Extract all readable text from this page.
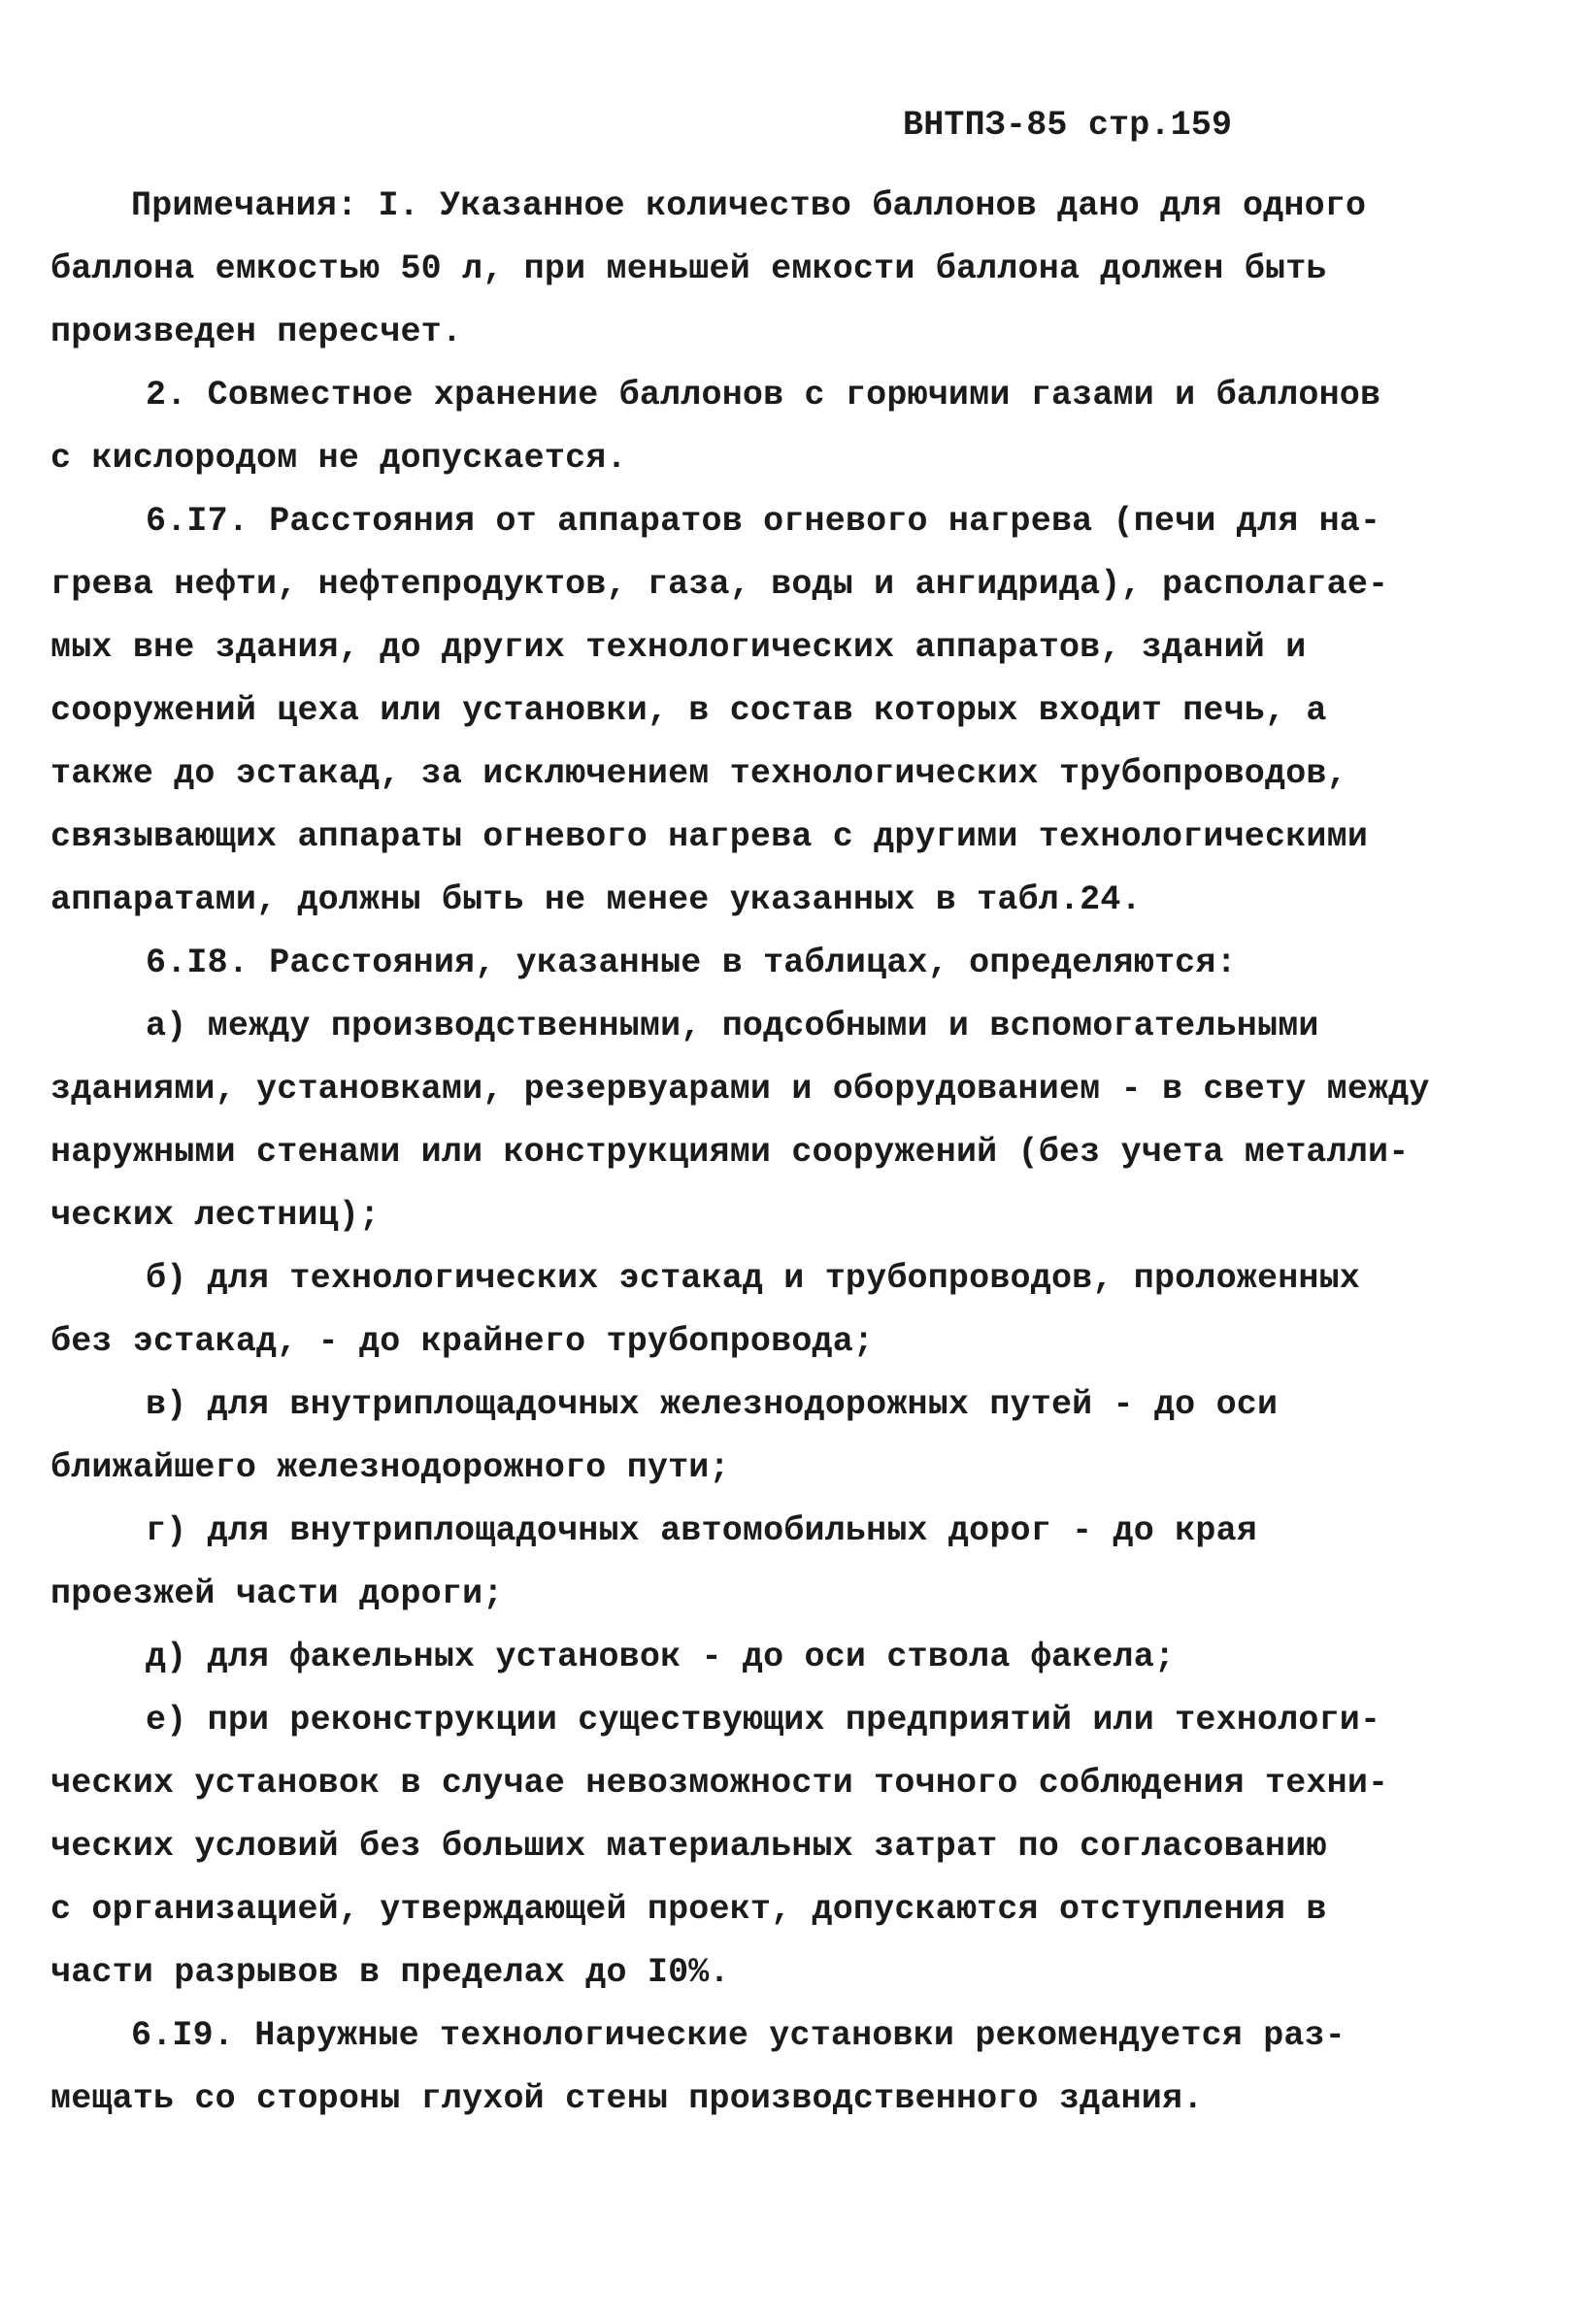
ВНТПЗ-85 стр.159
Примечания: I. Указанное количество баллонов дано для одного
баллона емкостью 50 л, при меньшей емкости баллона должен быть
произведен пересчет.
2. Совместное хранение баллонов с горючими газами и баллонов
с кислородом не допускается.
6.I7. Расстояния от аппаратов огневого нагрева (печи для на-
грева нефти, нефтепродуктов, газа, воды и ангидрида), располагае-
мых вне здания, до других технологических аппаратов, зданий и
сооружений цеха или установки, в состав которых входит печь, а
также до эстакад, за исключением технологических трубопроводов,
связывающих аппараты огневого нагрева с другими технологическими
аппаратами, должны быть не менее указанных в табл.24.
6.I8. Расстояния, указанные в таблицах, определяются:
а) между производственными, подсобными и вспомогательными
зданиями, установками, резервуарами и оборудованием - в свету между
наружными стенами или конструкциями сооружений (без учета металли-
ческих лестниц);
б) для технологических эстакад и трубопроводов, проложенных
без эстакад, - до крайнего трубопровода;
в) для внутриплощадочных железнодорожных путей - до оси
ближайшего железнодорожного пути;
г) для внутриплощадочных автомобильных дорог - до края
проезжей части дороги;
д) для факельных установок - до оси ствола факела;
е) при реконструкции существующих предприятий или технологи-
ческих установок в случае невозможности точного соблюдения техни-
ческих условий без больших материальных затрат по согласованию
с организацией, утверждающей проект, допускаются отступления в
части разрывов в пределах до I0%.
6.I9. Наружные технологические установки рекомендуется раз-
мещать со стороны глухой стены производственного здания.
